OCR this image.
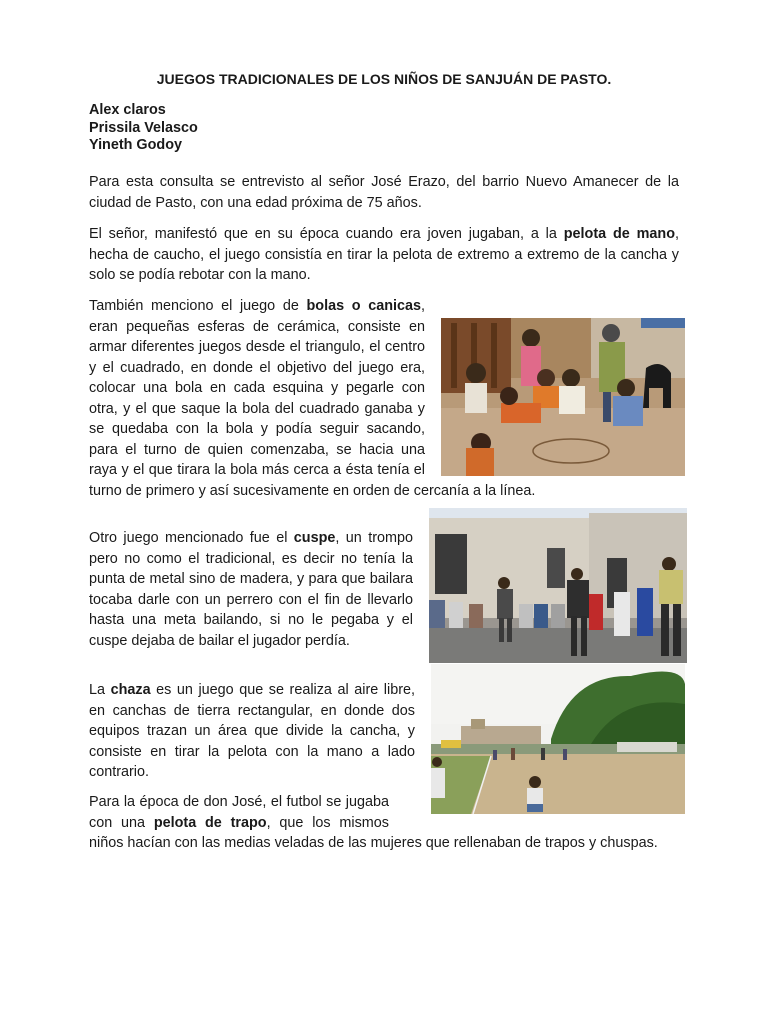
JUEGOS TRADICIONALES DE LOS NIÑOS DE SANJUÁN DE PASTO.
Alex claros
Prissila Velasco
Yineth Godoy

Para esta consulta se entrevisto al señor José Erazo, del barrio Nuevo Amanecer de la ciudad de Pasto, con una edad próxima de 75 años.

El señor, manifestó que en su época cuando era joven jugaban, a la pelota de mano, hecha de caucho, el juego consistía en tirar la pelota de extremo a extremo de la cancha y solo se podía rebotar con la mano.

También menciono el juego de bolas o canicas, eran pequeñas esferas de cerámica, consiste en armar diferentes juegos desde el triangulo, el centro y el cuadrado, en donde el objetivo del juego era, colocar una bola en cada esquina y pegarle con otra, y el que saque la bola del cuadrado ganaba y se quedaba con la bola y podía seguir sacando, para el turno de quien comenzaba, se hacia una raya y el que tirara la bola más cerca a ésta tenía el turno de primero y así sucesivamente en orden de cercanía a la línea.

Otro juego mencionado fue el cuspe, un trompo pero no como el tradicional, es decir no tenía la punta de metal sino de madera, y para que bailara tocaba darle con un perrero con el fin de llevarlo hasta una meta bailando, si no le pegaba y el cuspe dejaba de bailar el jugador perdía.

La chaza es un juego que se realiza al aire libre, en canchas de tierra rectangular, en donde dos equipos trazan un área que divide la cancha, y consiste en tirar la pelota con la mano a lado contrario.

Para la época de don José, el futbol se jugaba con una pelota de trapo, que los mismos niños hacían con las medias veladas de las mujeres que rellenaban de trapos y chuspas.
